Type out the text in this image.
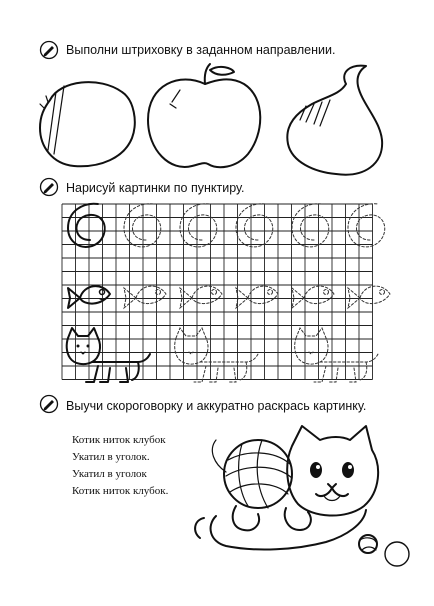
Выполни штриховку в заданном направлении.
Нарисуй картинки по пунктиру.
Выучи скороговорку и аккуратно раскрась картинку.
Котик ниток клубок
Укатил в уголок.
Укатил в уголок
Котик ниток клубок.
